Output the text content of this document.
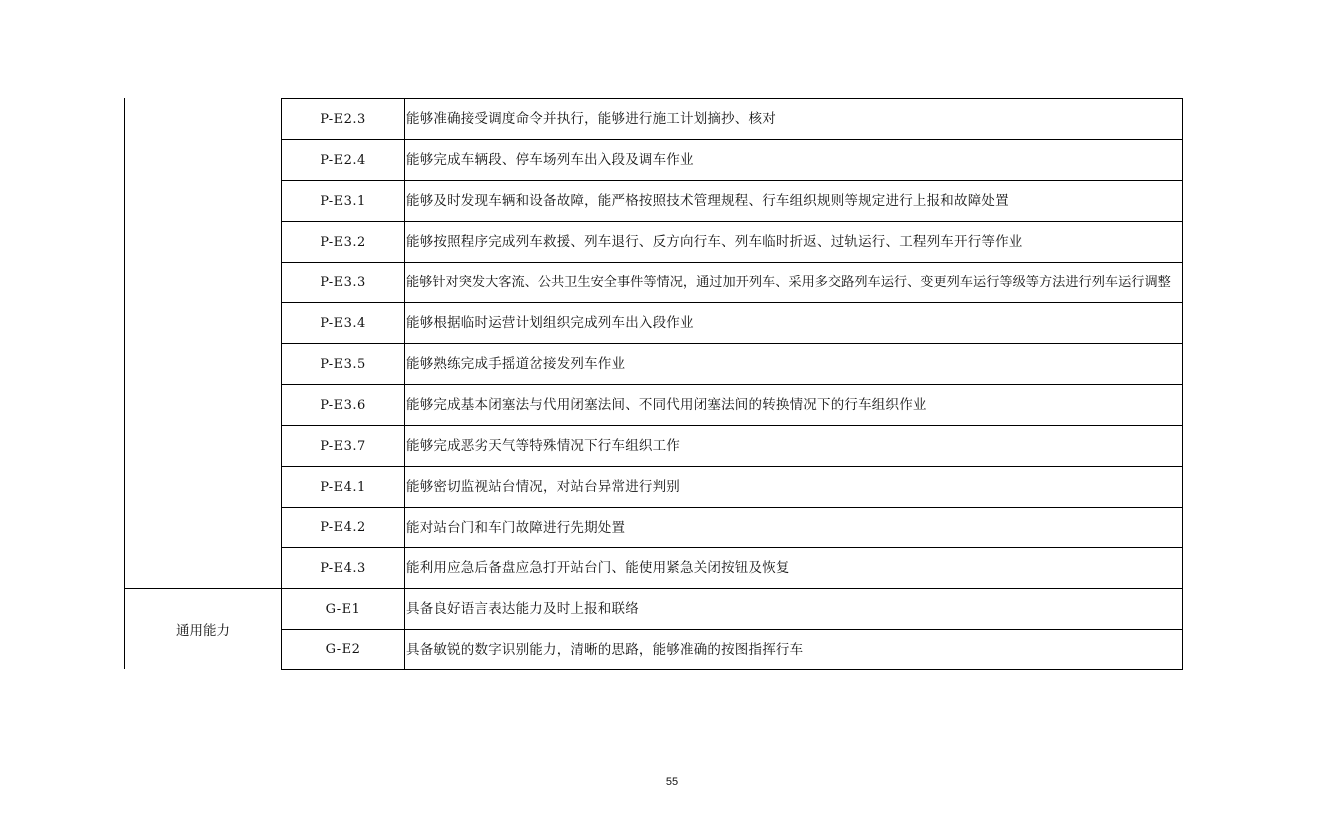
P-E2.3	能够准确接受调度命令并执行，能够进行施工计划摘抄、核对
P-E2.4	能够完成车辆段、停车场列车出入段及调车作业
P-E3.1	能够及时发现车辆和设备故障，能严格按照技术管理规程、行车组织规则等规定进行上报和故障处置
P-E3.2	能够按照程序完成列车救援、列车退行、反方向行车、列车临时折返、过轨运行、工程列车开行等作业
P-E3.3	能够针对突发大客流、公共卫生安全事件等情况，通过加开列车、采用多交路列车运行、变更列车运行等级等方法进行列车运行调整
P-E3.4	能够根据临时运营计划组织完成列车出入段作业
P-E3.5	能够熟练完成手摇道岔接发列车作业
P-E3.6	能够完成基本闭塞法与代用闭塞法间、不同代用闭塞法间的转换情况下的行车组织作业
P-E3.7	能够完成恶劣天气等特殊情况下行车组织工作
P-E4.1	能够密切监视站台情况，对站台异常进行判别
P-E4.2	能对站台门和车门故障进行先期处置
P-E4.3	能利用应急后备盘应急打开站台门、能使用紧急关闭按钮及恢复
通用能力
G-E1	具备良好语言表达能力及时上报和联络
G-E2	具备敏锐的数字识别能力，清晰的思路，能够准确的按图指挥行车
55
